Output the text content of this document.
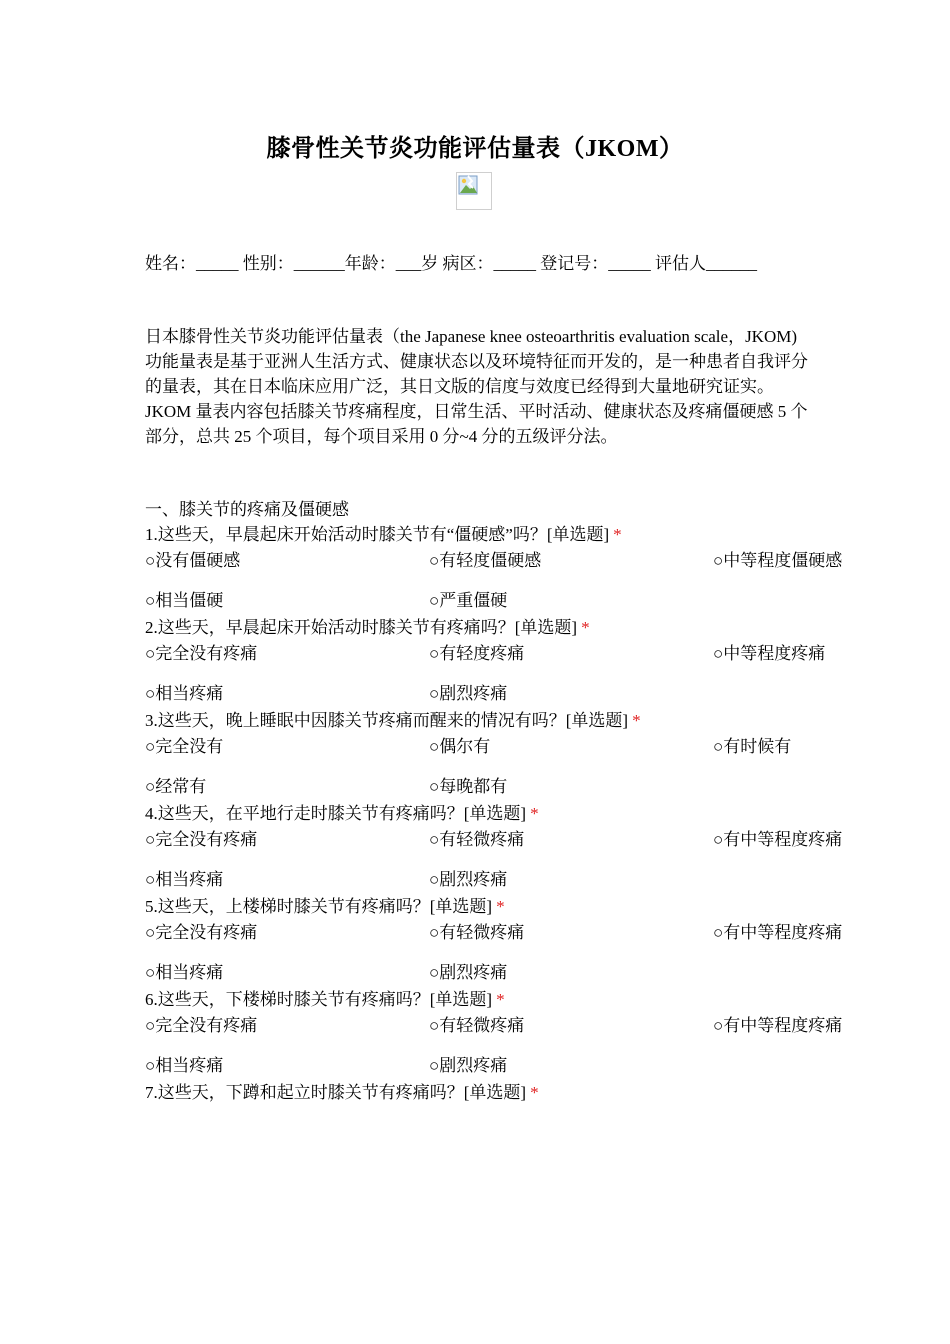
膝骨性关节炎功能评估量表（JKOM）
姓名：_____ 性别：______年龄：___岁 病区：_____ 登记号：_____ 评估人______
日本膝骨性关节炎功能评估量表（the Japanese knee osteoarthritis evaluation scale，JKOM) 功能量表是基于亚洲人生活方式、健康状态以及环境特征而开发的，是一种患者自我评分的量表，其在日本临床应用广泛，其日文版的信度与效度已经得到大量地研究证实。JKOM 量表内容包括膝关节疼痛程度，日常生活、平时活动、健康状态及疼痛僵硬感 5 个部分，总共 25 个项目，每个项目采用 0 分~4 分的五级评分法。
一、膝关节的疼痛及僵硬感
1.这些天，早晨起床开始活动时膝关节有“僵硬感”吗？[单选题] *
○没有僵硬感	○有轻度僵硬感	○中等程度僵硬感
○相当僵硬	○严重僵硬
2.这些天，早晨起床开始活动时膝关节有疼痛吗？[单选题] *
○完全没有疼痛	○有轻度疼痛	○中等程度疼痛
○相当疼痛	○剧烈疼痛
3.这些天，晚上睡眠中因膝关节疼痛而醒来的情况有吗？[单选题] *
○完全没有	○偶尔有	○有时候有
○经常有	○每晚都有
4.这些天，在平地行走时膝关节有疼痛吗？[单选题] *
○完全没有疼痛	○有轻微疼痛	○有中等程度疼痛
○相当疼痛	○剧烈疼痛
5.这些天，上楼梯时膝关节有疼痛吗？[单选题] *
○完全没有疼痛	○有轻微疼痛	○有中等程度疼痛
○相当疼痛	○剧烈疼痛
6.这些天，下楼梯时膝关节有疼痛吗？[单选题] *
○完全没有疼痛	○有轻微疼痛	○有中等程度疼痛
○相当疼痛	○剧烈疼痛
7.这些天，下蹲和起立时膝关节有疼痛吗？[单选题] *
